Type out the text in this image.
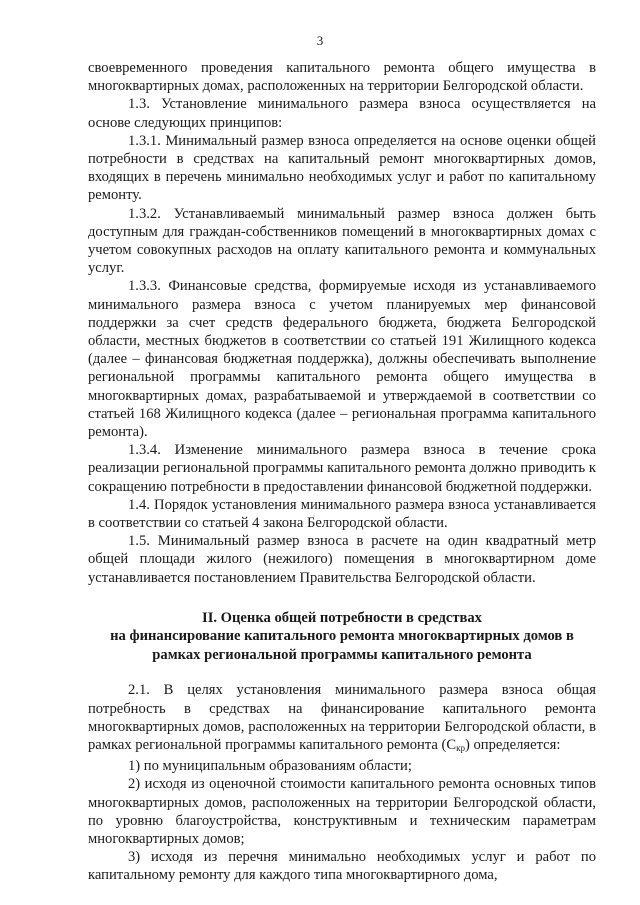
3

своевременного проведения капитального ремонта общего имущества в многоквартирных домах, расположенных на территории Белгородской области.

1.3. Установление минимального размера взноса осуществляется на основе следующих принципов:

1.3.1. Минимальный размер взноса определяется на основе оценки общей потребности в средствах на капитальный ремонт многоквартирных домов, входящих в перечень минимально необходимых услуг и работ по капитальному ремонту.

1.3.2. Устанавливаемый минимальный размер взноса должен быть доступным для граждан-собственников помещений в многоквартирных домах с учетом совокупных расходов на оплату капитального ремонта и коммунальных услуг.

1.3.3. Финансовые средства, формируемые исходя из устанавливаемого минимального размера взноса с учетом планируемых мер финансовой поддержки за счет средств федерального бюджета, бюджета Белгородской области, местных бюджетов в соответствии со статьей 191 Жилищного кодекса (далее – финансовая бюджетная поддержка), должны обеспечивать выполнение региональной программы капитального ремонта общего имущества в многоквартирных домах, разрабатываемой и утверждаемой в соответствии со статьей 168 Жилищного кодекса (далее – региональная программа капитального ремонта).

1.3.4. Изменение минимального размера взноса в течение срока реализации региональной программы капитального ремонта должно приводить к сокращению потребности в предоставлении финансовой бюджетной поддержки.

1.4. Порядок установления минимального размера взноса устанавливается в соответствии со статьей 4 закона Белгородской области.

1.5. Минимальный размер взноса в расчете на один квадратный метр общей площади жилого (нежилого) помещения в многоквартирном доме устанавливается постановлением Правительства Белгородской области.

II. Оценка общей потребности в средствах
на финансирование капитального ремонта многоквартирных домов в
рамках региональной программы капитального ремонта

2.1. В целях установления минимального размера взноса общая потребность в средствах на финансирование капитального ремонта многоквартирных домов, расположенных на территории Белгородской области, в рамках региональной программы капитального ремонта $(С_{кр})$ определяется:

1) по муниципальным образованиям области;

2) исходя из оценочной стоимости капитального ремонта основных типов многоквартирных домов, расположенных на территории Белгородской области, по уровню благоустройства, конструктивным и техническим параметрам многоквартирных домов;

3) исходя из перечня минимально необходимых услуг и работ по капитальному ремонту для каждого типа многоквартирного дома,
